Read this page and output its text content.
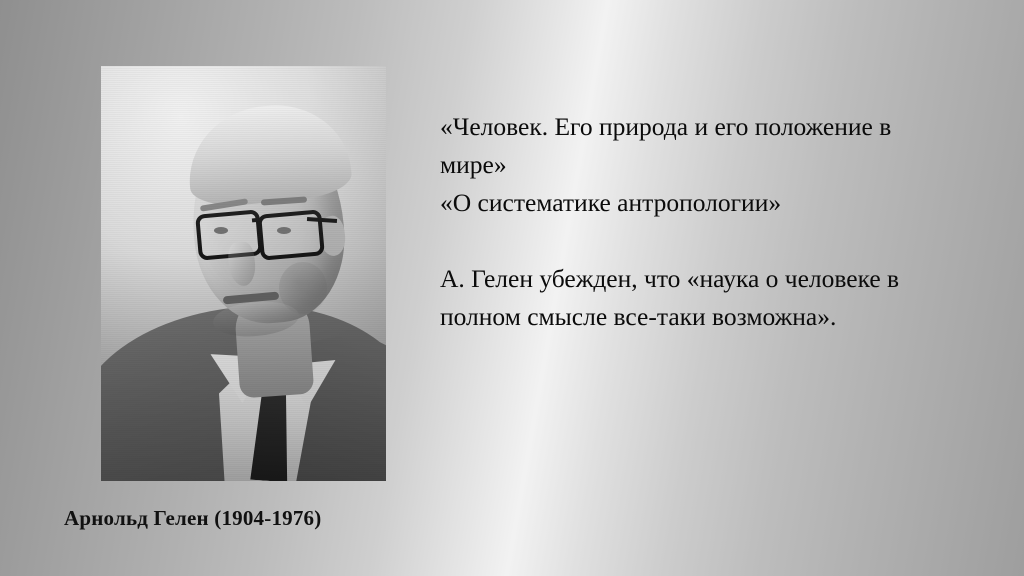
Арнольд Гелен (1904-1976)

«Человек. Его природа и его положение в

мире»

«О систематике антропологии»

А. Гелен убежден, что «наука о человеке в

полном смысле все-таки возможна».
